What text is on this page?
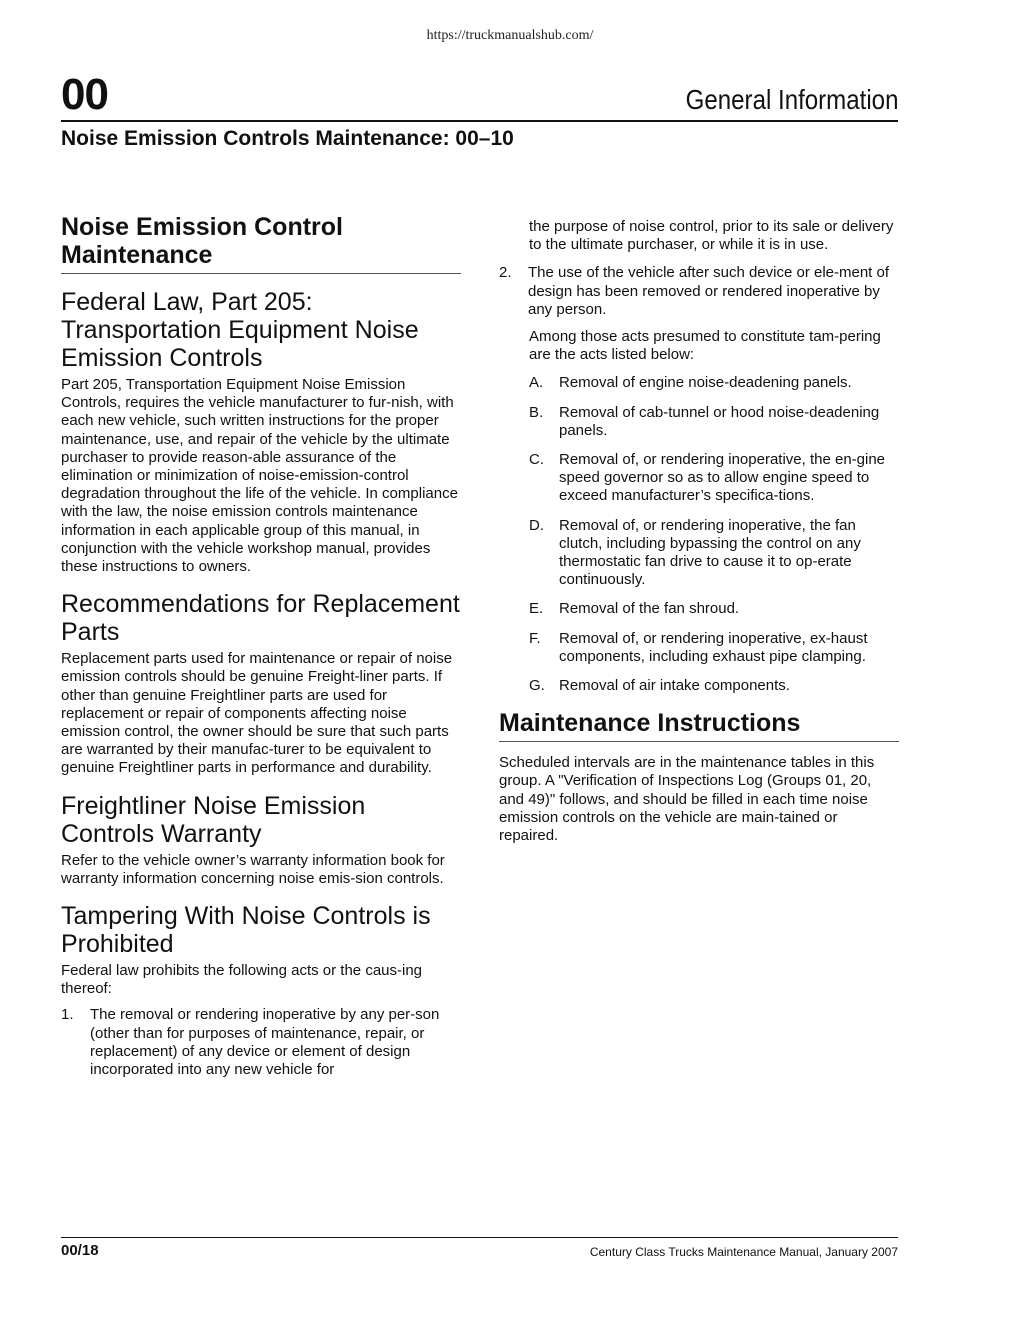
https://truckmanualshub.com/
00	General Information
Noise Emission Controls Maintenance: 00–10
Noise Emission Control Maintenance
Federal Law, Part 205: Transportation Equipment Noise Emission Controls

Part 205, Transportation Equipment Noise Emission Controls, requires the vehicle manufacturer to fur-nish, with each new vehicle, such written instructions for the proper maintenance, use, and repair of the vehicle by the ultimate purchaser to provide reason-able assurance of the elimination or minimization of noise-emission-control degradation throughout the life of the vehicle. In compliance with the law, the noise emission controls maintenance information in each applicable group of this manual, in conjunction with the vehicle workshop manual, provides these instructions to owners.

Recommendations for Replacement Parts

Replacement parts used for maintenance or repair of noise emission controls should be genuine Freight-liner parts. If other than genuine Freightliner parts are used for replacement or repair of components affecting noise emission control, the owner should be sure that such parts are warranted by their manufac-turer to be equivalent to genuine Freightliner parts in performance and durability.

Freightliner Noise Emission Controls Warranty

Refer to the vehicle owner’s warranty information book for warranty information concerning noise emis-sion controls.

Tampering With Noise Controls is Prohibited

Federal law prohibits the following acts or the caus-ing thereof:

1.	The removal or rendering inoperative by any per-son (other than for purposes of maintenance, repair, or replacement) of any device or element of design incorporated into any new vehicle for
the purpose of noise control, prior to its sale or delivery to the ultimate purchaser, or while it is in use.
2.	The use of the vehicle after such device or ele-ment of design has been removed or rendered inoperative by any person.
Among those acts presumed to constitute tam-pering are the acts listed below:
A.	Removal of engine noise-deadening panels.
B.	Removal of cab-tunnel or hood noise-deadening panels.
C.	Removal of, or rendering inoperative, the en-gine speed governor so as to allow engine speed to exceed manufacturer’s specifica-tions.
D.	Removal of, or rendering inoperative, the fan clutch, including bypassing the control on any thermostatic fan drive to cause it to op-erate continuously.
E.	Removal of the fan shroud.
F.	Removal of, or rendering inoperative, ex-haust components, including exhaust pipe clamping.
G. Removal of air intake components.
Maintenance Instructions

Scheduled intervals are in the maintenance tables in this group. A "Verification of Inspections Log (Groups 01, 20, and 49)" follows, and should be filled in each time noise emission controls on the vehicle are main-tained or repaired.

00/18	Century Class Trucks Maintenance Manual, January 2007
